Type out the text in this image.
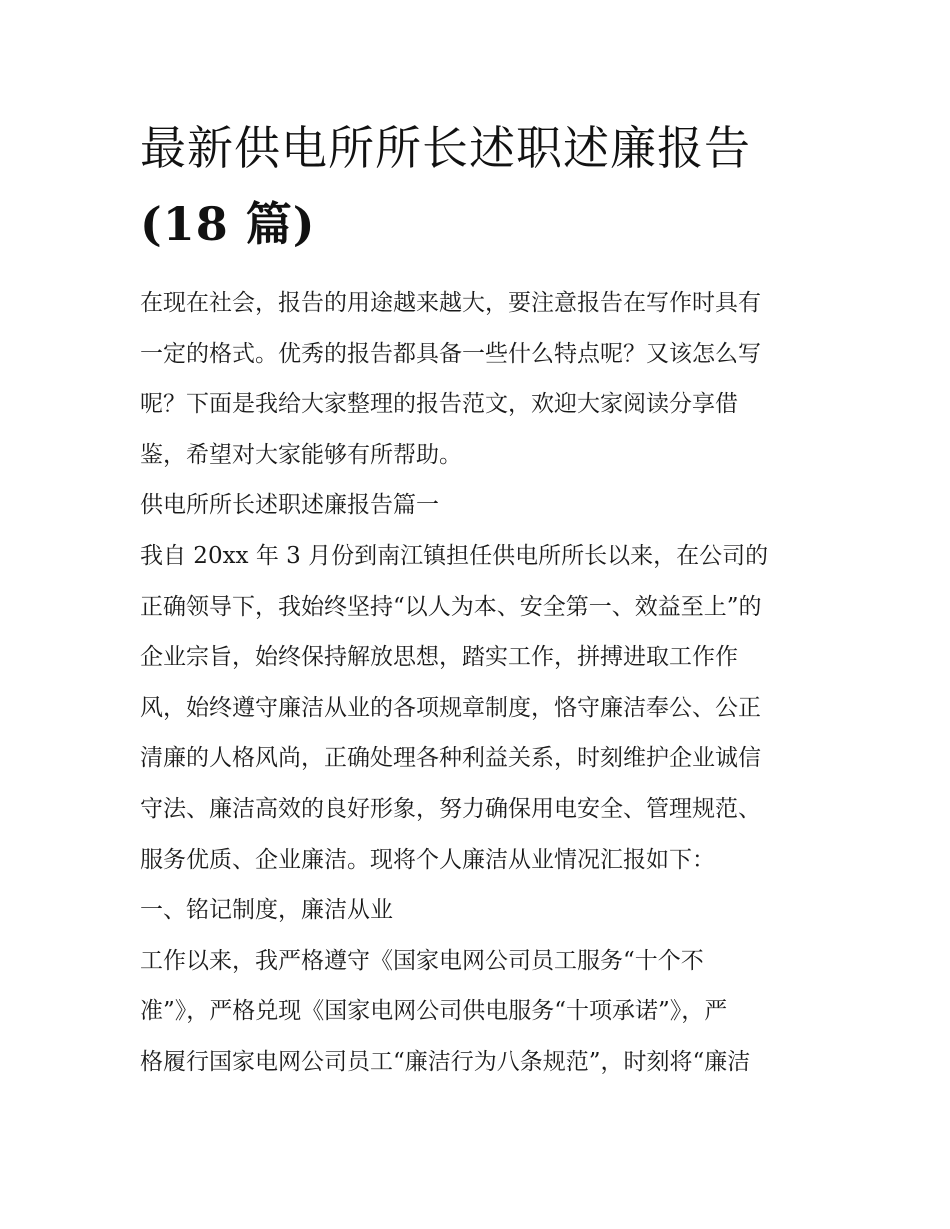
最新供电所所长述职述廉报告
(18 篇)

在现在社会，报告的用途越来越大，要注意报告在写作时具有
一定的格式。优秀的报告都具备一些什么特点呢？又该怎么写
呢？下面是我给大家整理的报告范文，欢迎大家阅读分享借
鉴，希望对大家能够有所帮助。

供电所所长述职述廉报告篇一

我自 20xx 年 3 月份到南江镇担任供电所所长以来，在公司的
正确领导下，我始终坚持“以人为本、安全第一、效益至上”的
企业宗旨，始终保持解放思想，踏实工作，拼搏进取工作作
风，始终遵守廉洁从业的各项规章制度，恪守廉洁奉公、公正
清廉的人格风尚，正确处理各种利益关系，时刻维护企业诚信
守法、廉洁高效的良好形象，努力确保用电安全、管理规范、
服务优质、企业廉洁。现将个人廉洁从业情况汇报如下：

一、铭记制度，廉洁从业

工作以来，我严格遵守《国家电网公司员工服务“十个不
准”》，严格兑现《国家电网公司供电服务“十项承诺”》，严
格履行国家电网公司员工“廉洁行为八条规范”，时刻将“廉洁
